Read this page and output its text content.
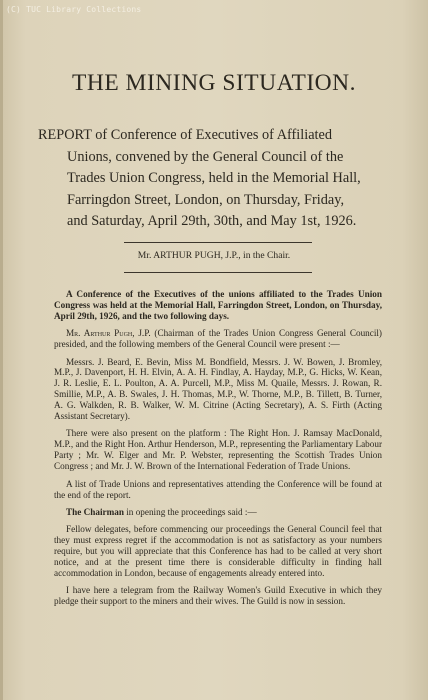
(C) TUC Library Collections
THE MINING SITUATION.
REPORT of Conference of Executives of Affiliated
Unions, convened by the General Council of the
Trades Union Congress, held in the Memorial Hall,
Farringdon Street, London, on Thursday, Friday,
and Saturday, April 29th, 30th, and May 1st, 1926.
Mr. ARTHUR PUGH, J.P., in the Chair.

A Conference of the Executives of the unions affiliated to the Trades Union Congress was held at the Memorial Hall, Farringdon Street, London, on Thursday, April 29th, 1926, and the two following days.

Mr. Arthur Pugh, J.P. (Chairman of the Trades Union Congress General Council) presided, and the following members of the General Council were present :—

Messrs. J. Beard, E. Bevin, Miss M. Bondfield, Messrs. J. W. Bowen, J. Bromley, M.P., J. Davenport, H. H. Elvin, A. A. H. Findlay, A. Hayday, M.P., G. Hicks, W. Kean, J. R. Leslie, E. L. Poulton, A. A. Purcell, M.P., Miss M. Quaile, Messrs. J. Rowan, R. Smillie, M.P., A. B. Swales, J. H. Thomas, M.P., W. Thorne, M.P., B. Tillett, B. Turner, A. G. Walkden, R. B. Walker, W. M. Citrine (Acting Secretary), A. S. Firth (Acting Assistant Secretary).

There were also present on the platform : The Right Hon. J. Ramsay MacDonald, M.P., and the Right Hon. Arthur Henderson, M.P., representing the Parliamentary Labour Party ; Mr. W. Elger and Mr. P. Webster, representing the Scottish Trades Union Congress ; and Mr. J. W. Brown of the International Federation of Trade Unions.

A list of Trade Unions and representatives attending the Conference will be found at the end of the report.

The Chairman in opening the proceedings said :—

Fellow delegates, before commencing our proceedings the General Council feel that they must express regret if the accommodation is not as satisfactory as your numbers require, but you will appreciate that this Conference has had to be called at very short notice, and at the present time there is considerable difficulty in finding hall accommodation in London, because of engagements already entered into.

I have here a telegram from the Railway Women's Guild Executive in which they pledge their support to the miners and their wives. The Guild is now in session.
